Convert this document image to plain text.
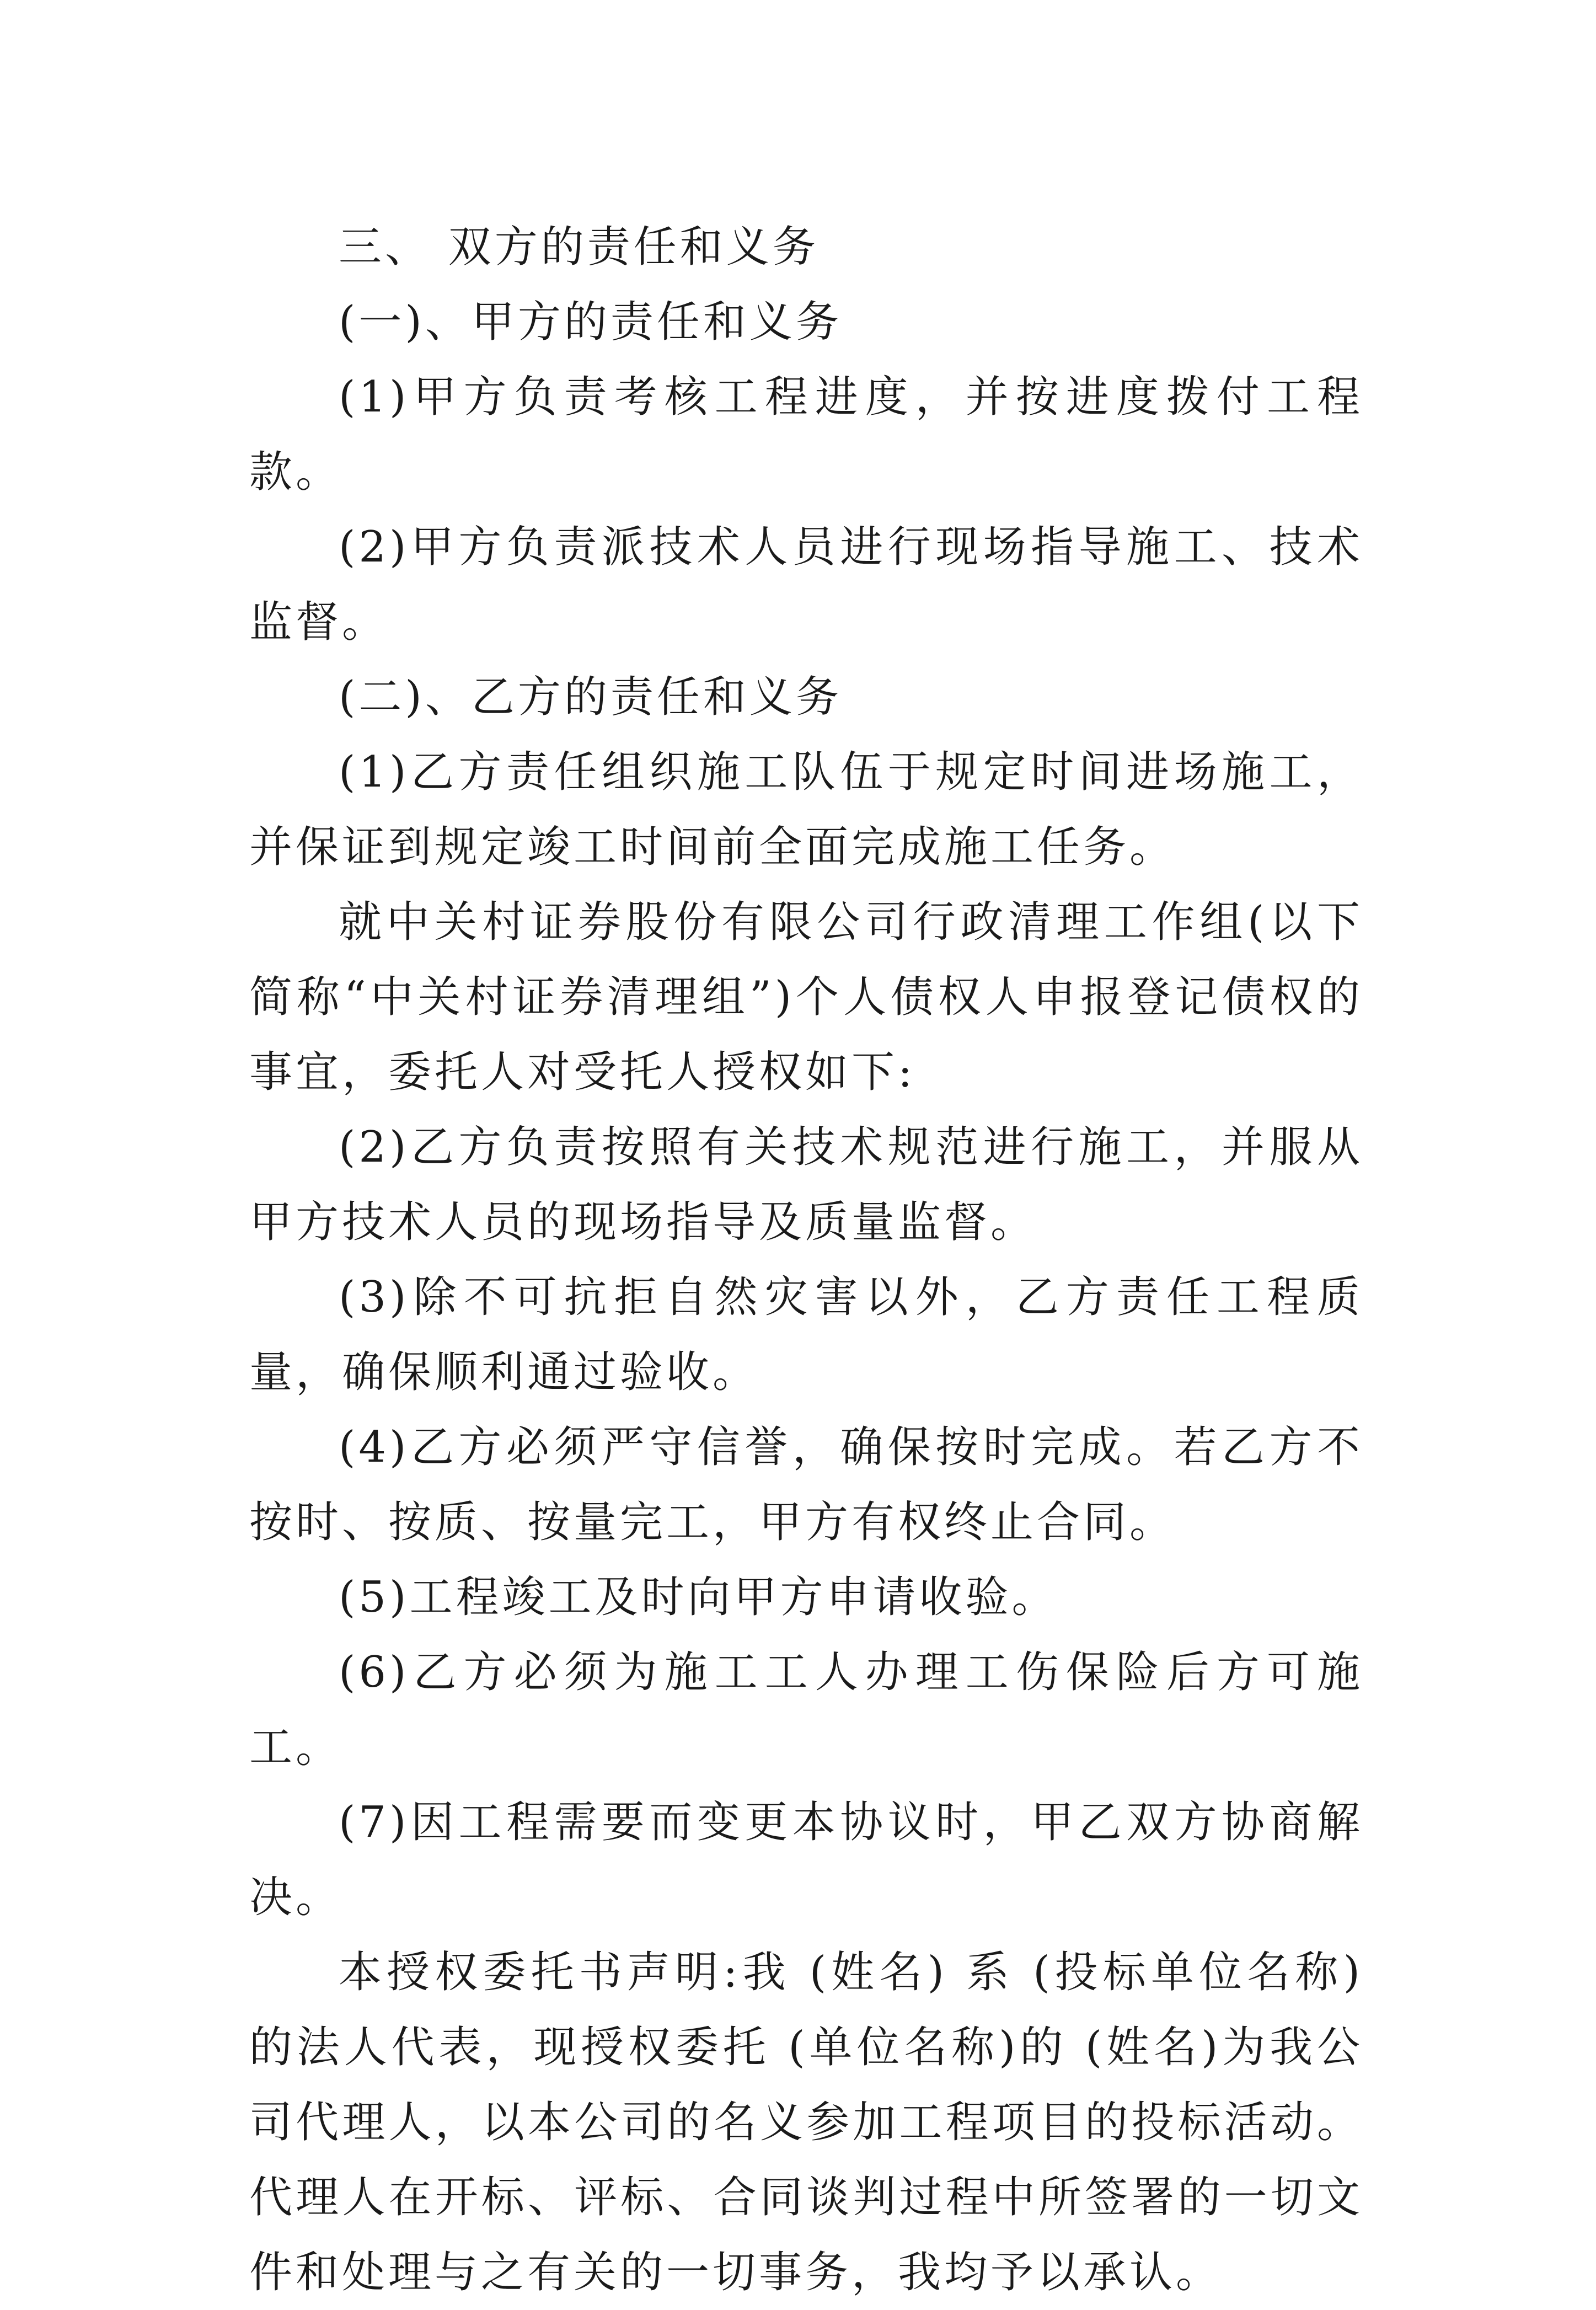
三、 双方的责任和义务

(一)、甲方的责任和义务

(1)甲方负责考核工程进度，并按进度拨付工程款。

(2)甲方负责派技术人员进行现场指导施工、技术监督。

(二)、乙方的责任和义务

(1)乙方责任组织施工队伍于规定时间进场施工，并保证到规定竣工时间前全面完成施工任务。

就中关村证券股份有限公司行政清理工作组(以下简称“中关村证券清理组”)个人债权人申报登记债权的事宜，委托人对受托人授权如下:

(2)乙方负责按照有关技术规范进行施工，并服从甲方技术人员的现场指导及质量监督。

(3)除不可抗拒自然灾害以外，乙方责任工程质量，确保顺利通过验收。

(4)乙方必须严守信誉，确保按时完成。若乙方不按时、按质、按量完工，甲方有权终止合同。

(5)工程竣工及时向甲方申请收验。

(6)乙方必须为施工工人办理工伤保险后方可施工。

(7)因工程需要而变更本协议时，甲乙双方协商解决。

本授权委托书声明:我 (姓名) 系 (投标单位名称)的法人代表，现授权委托 (单位名称)的 (姓名)为我公司代理人，以本公司的名义参加工程项目的投标活动。代理人在开标、评标、合同谈判过程中所签署的一切文件和处理与之有关的一切事务，我均予以承认。
